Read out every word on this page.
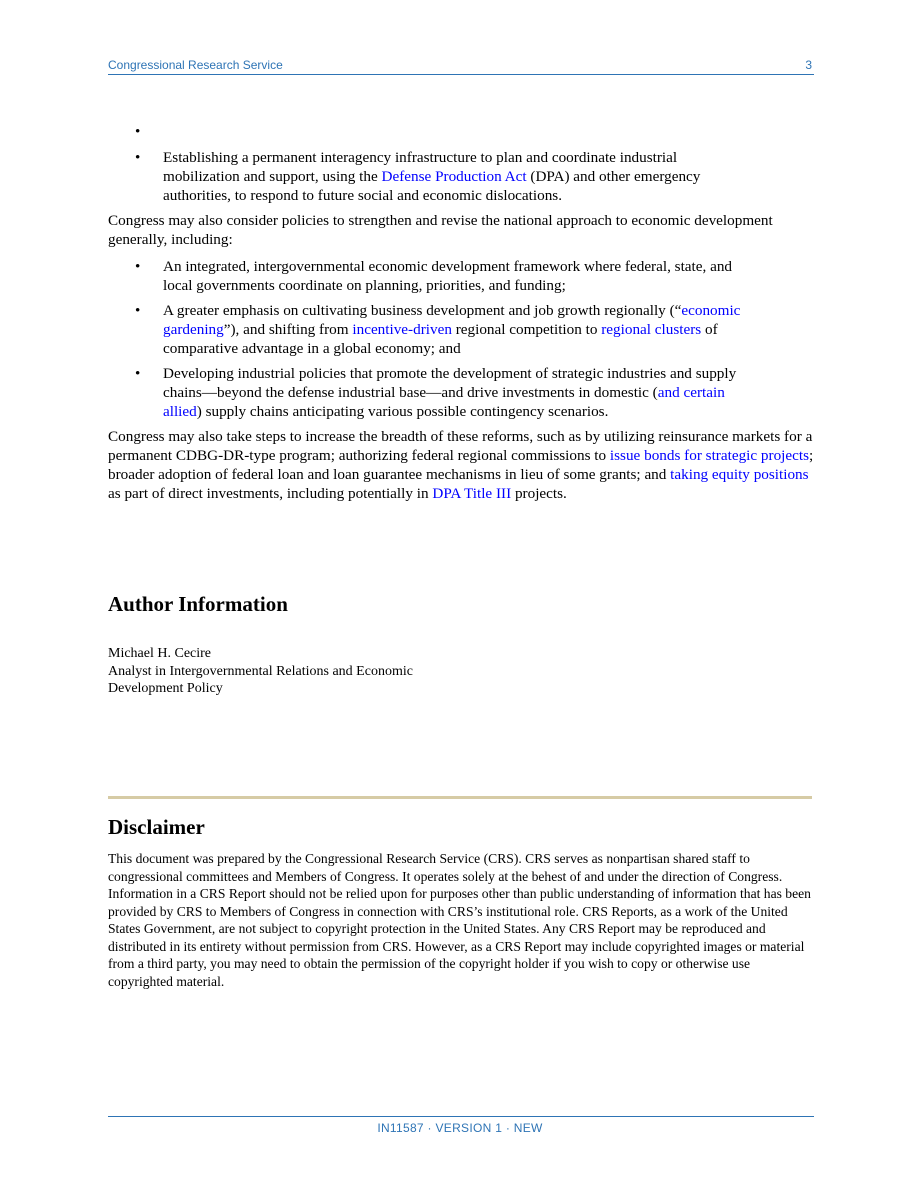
Congressional Research Service	3
•
• Establishing a permanent interagency infrastructure to plan and coordinate industrial mobilization and support, using the Defense Production Act (DPA) and other emergency authorities, to respond to future social and economic dislocations.

Congress may also consider policies to strengthen and revise the national approach to economic development generally, including:

• An integrated, intergovernmental economic development framework where federal, state, and local governments coordinate on planning, priorities, and funding;
• A greater emphasis on cultivating business development and job growth regionally (“economic gardening”), and shifting from incentive-driven regional competition to regional clusters of comparative advantage in a global economy; and
• Developing industrial policies that promote the development of strategic industries and supply chains—beyond the defense industrial base—and drive investments in domestic (and certain allied) supply chains anticipating various possible contingency scenarios.

Congress may also take steps to increase the breadth of these reforms, such as by utilizing reinsurance markets for a permanent CDBG-DR-type program; authorizing federal regional commissions to issue bonds for strategic projects; broader adoption of federal loan and loan guarantee mechanisms in lieu of some grants; and taking equity positions as part of direct investments, including potentially in DPA Title III projects.

Author Information
Michael H. Cecire
Analyst in Intergovernmental Relations and Economic
Development Policy
Disclaimer
This document was prepared by the Congressional Research Service (CRS). CRS serves as nonpartisan shared staff to congressional committees and Members of Congress. It operates solely at the behest of and under the direction of Congress. Information in a CRS Report should not be relied upon for purposes other than public understanding of information that has been provided by CRS to Members of Congress in connection with CRS’s institutional role. CRS Reports, as a work of the United States Government, are not subject to copyright protection in the United States. Any CRS Report may be reproduced and distributed in its entirety without permission from CRS. However, as a CRS Report may include copyrighted images or material from a third party, you may need to obtain the permission of the copyright holder if you wish to copy or otherwise use copyrighted material.
IN11587 · VERSION 1 · NEW
